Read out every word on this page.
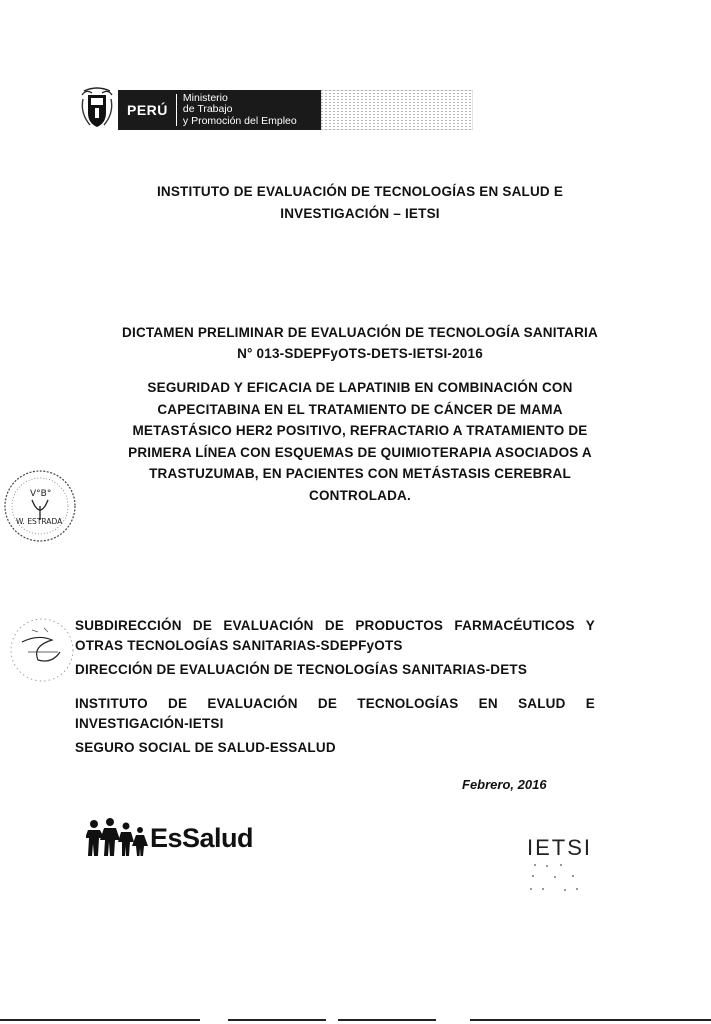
PERÚ
Ministerio
de Trabajo
y Promoción del Empleo
INSTITUTO DE EVALUACIÓN DE TECNOLOGÍAS EN SALUD E
INVESTIGACIÓN – IETSI
DICTAMEN PRELIMINAR DE EVALUACIÓN DE TECNOLOGÍA SANITARIA
N° 013-SDEPFyOTS-DETS-IETSI-2016
SEGURIDAD Y EFICACIA DE LAPATINIB EN COMBINACIÓN CON
CAPECITABINA EN EL TRATAMIENTO DE CÁNCER DE MAMA
METASTÁSICO HER2 POSITIVO, REFRACTARIO A TRATAMIENTO DE
PRIMERA LÍNEA CON ESQUEMAS DE QUIMIOTERAPIA ASOCIADOS A
TRASTUZUMAB, EN PACIENTES CON METÁSTASIS CEREBRAL
CONTROLADA.
V°B°
W. ESTRADA
SUBDIRECCIÓN DE EVALUACIÓN DE PRODUCTOS FARMACÉUTICOS Y OTRAS TECNOLOGÍAS SANITARIAS-SDEPFyOTS
DIRECCIÓN DE EVALUACIÓN DE TECNOLOGÍAS SANITARIAS-DETS
INSTITUTO DE EVALUACIÓN DE TECNOLOGÍAS EN SALUD E INVESTIGACIÓN-IETSI
SEGURO SOCIAL DE SALUD-ESSALUD
Febrero, 2016
EsSalud	IETSI
